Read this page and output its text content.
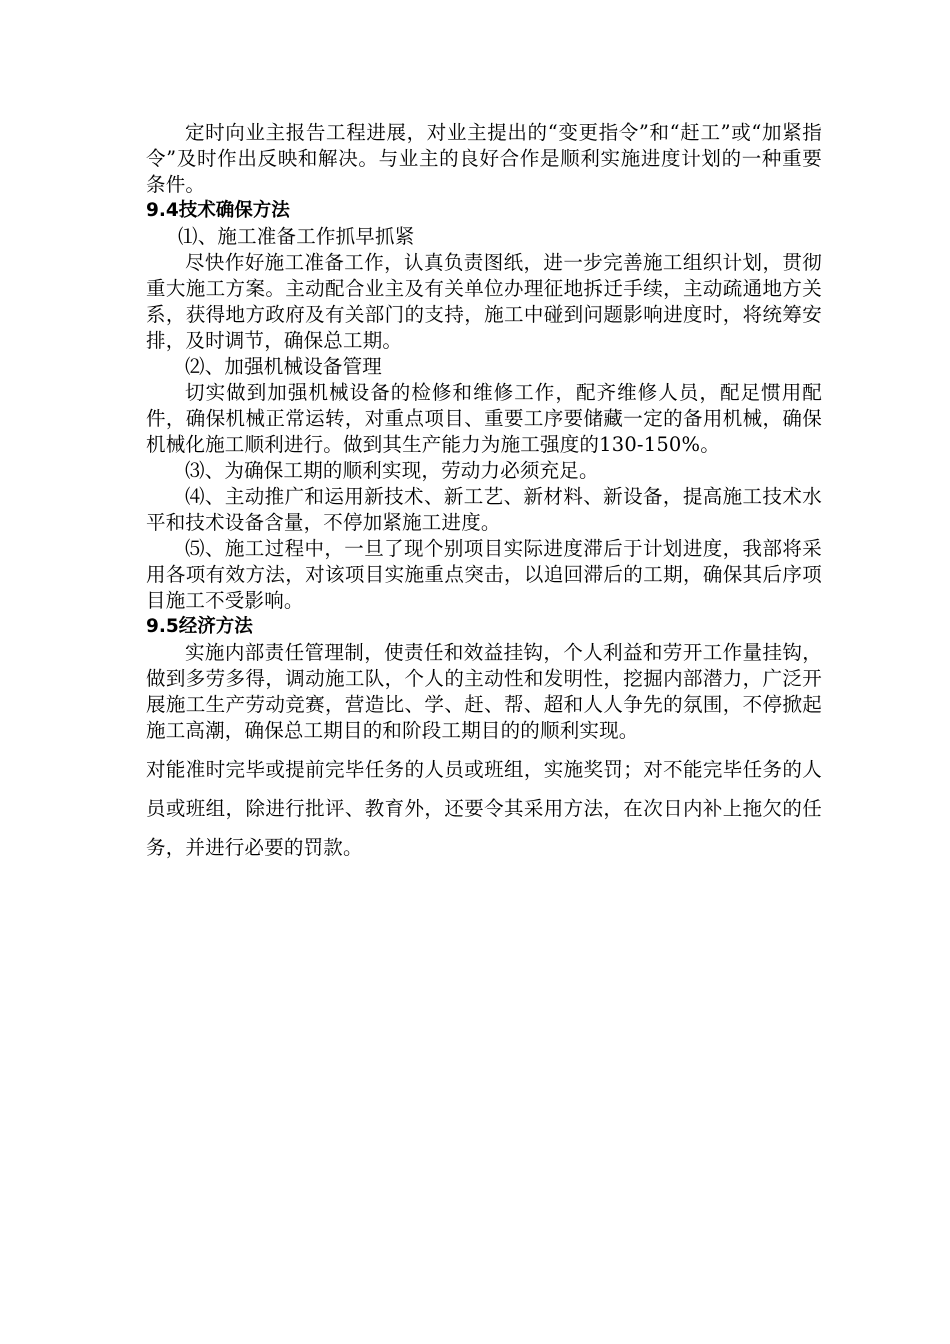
定时向业主报告工程进展，对业主提出的“变更指令”和“赶工”或“加紧指令”及时作出反映和解决。与业主的良好合作是顺利实施进度计划的一种重要条件。

9.4技术确保方法

⑴、施工准备工作抓早抓紧

尽快作好施工准备工作，认真负责图纸，进一步完善施工组织计划，贯彻重大施工方案。主动配合业主及有关单位办理征地拆迁手续，主动疏通地方关系，获得地方政府及有关部门的支持，施工中碰到问题影响进度时，将统筹安排，及时调节，确保总工期。

⑵、加强机械设备管理

切实做到加强机械设备的检修和维修工作，配齐维修人员，配足惯用配件，确保机械正常运转，对重点项目、重要工序要储藏一定的备用机械，确保机械化施工顺利进行。做到其生产能力为施工强度的130-150%。

⑶、为确保工期的顺利实现，劳动力必须充足。

⑷、主动推广和运用新技术、新工艺、新材料、新设备，提高施工技术水平和技术设备含量，不停加紧施工进度。

⑸、施工过程中，一旦了现个别项目实际进度滞后于计划进度，我部将采用各项有效方法，对该项目实施重点突击，以追回滞后的工期，确保其后序项目施工不受影响。

9.5经济方法

实施内部责任管理制，使责任和效益挂钩，个人利益和劳开工作量挂钩，做到多劳多得，调动施工队，个人的主动性和发明性，挖掘内部潜力，广泛开展施工生产劳动竞赛，营造比、学、赶、帮、超和人人争先的氛围，不停掀起施工高潮，确保总工期目的和阶段工期目的的顺利实现。

对能准时完毕或提前完毕任务的人员或班组，实施奖罚；对不能完毕任务的人员或班组，除进行批评、教育外，还要令其采用方法，在次日内补上拖欠的任务，并进行必要的罚款。
